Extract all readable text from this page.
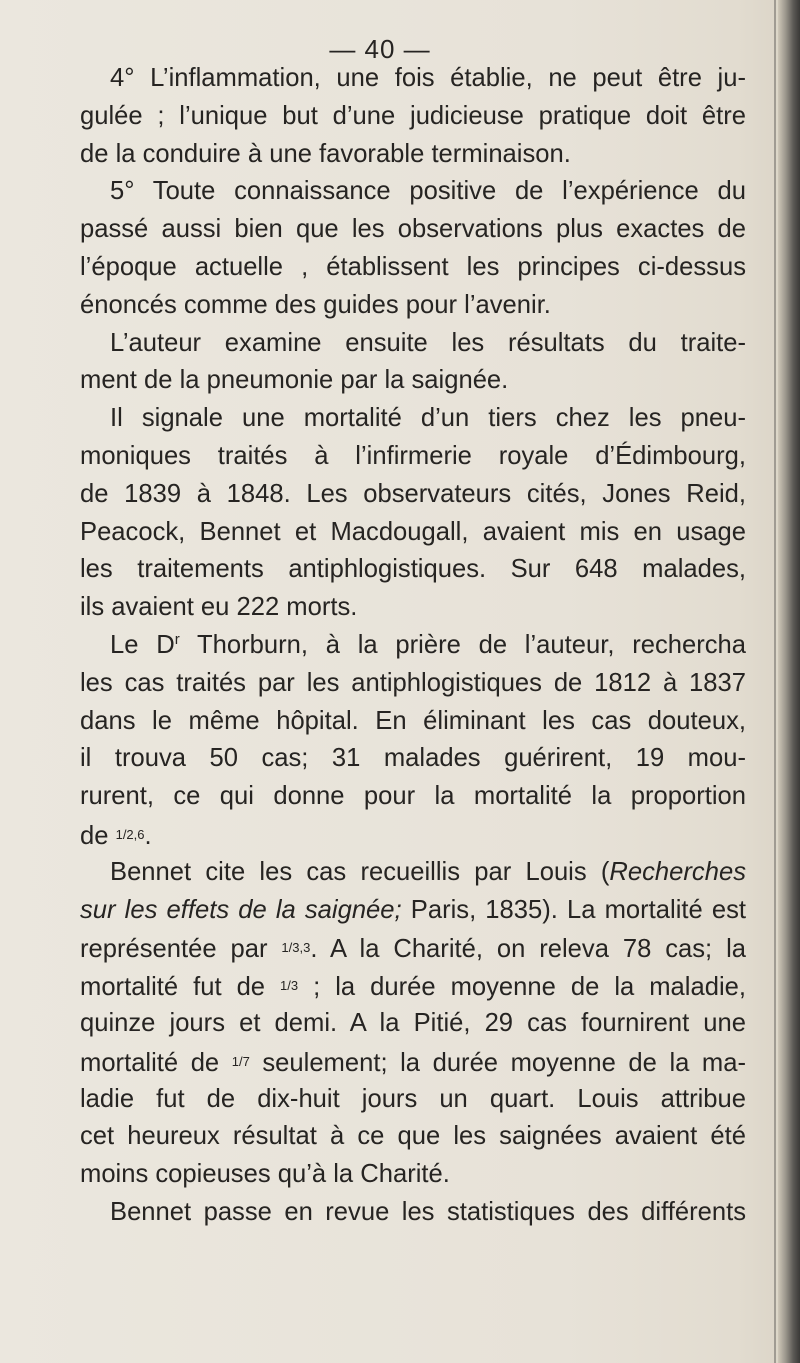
— 40 —
4° L’inflammation, une fois établie, ne peut être ju-
gulée ; l’unique but d’une judicieuse pratique doit être
de la conduire à une favorable terminaison.
5° Toute connaissance positive de l’expérience du
passé aussi bien que les observations plus exactes de
l’époque actuelle , établissent les principes ci-dessus
énoncés comme des guides pour l’avenir.
L’auteur examine ensuite les résultats du traite-
ment de la pneumonie par la saignée.
Il signale une mortalité d’un tiers chez les pneu-
moniques traités à l’infirmerie royale d’Édimbourg,
de 1839 à 1848. Les observateurs cités, Jones Reid,
Peacock, Bennet et Macdougall, avaient mis en usage
les traitements antiphlogistiques. Sur 648 malades,
ils avaient eu 222 morts.
Le $D^r$ Thorburn, à la prière de l’auteur, rechercha
les cas traités par les antiphlogistiques de 1812 à 1837
dans le même hôpital. En éliminant les cas douteux,
il trouva 50 cas; 31 malades guérirent, 19 mou-
rurent, ce qui donne pour la mortalité la proportion
de 1/2,6.
Bennet cite les cas recueillis par Louis (Recherches
sur les effets de la saignée; Paris, 1835). La mortalité est
représentée par 1/3,3. A la Charité, on releva 78 cas; la
mortalité fut de 1/3 ; la durée moyenne de la maladie,
quinze jours et demi. A la Pitié, 29 cas fournirent une
mortalité de 1/7 seulement; la durée moyenne de la ma-
ladie fut de dix-huit jours un quart. Louis attribue
cet heureux résultat à ce que les saignées avaient été
moins copieuses qu’à la Charité.
Bennet passe en revue les statistiques des différents
